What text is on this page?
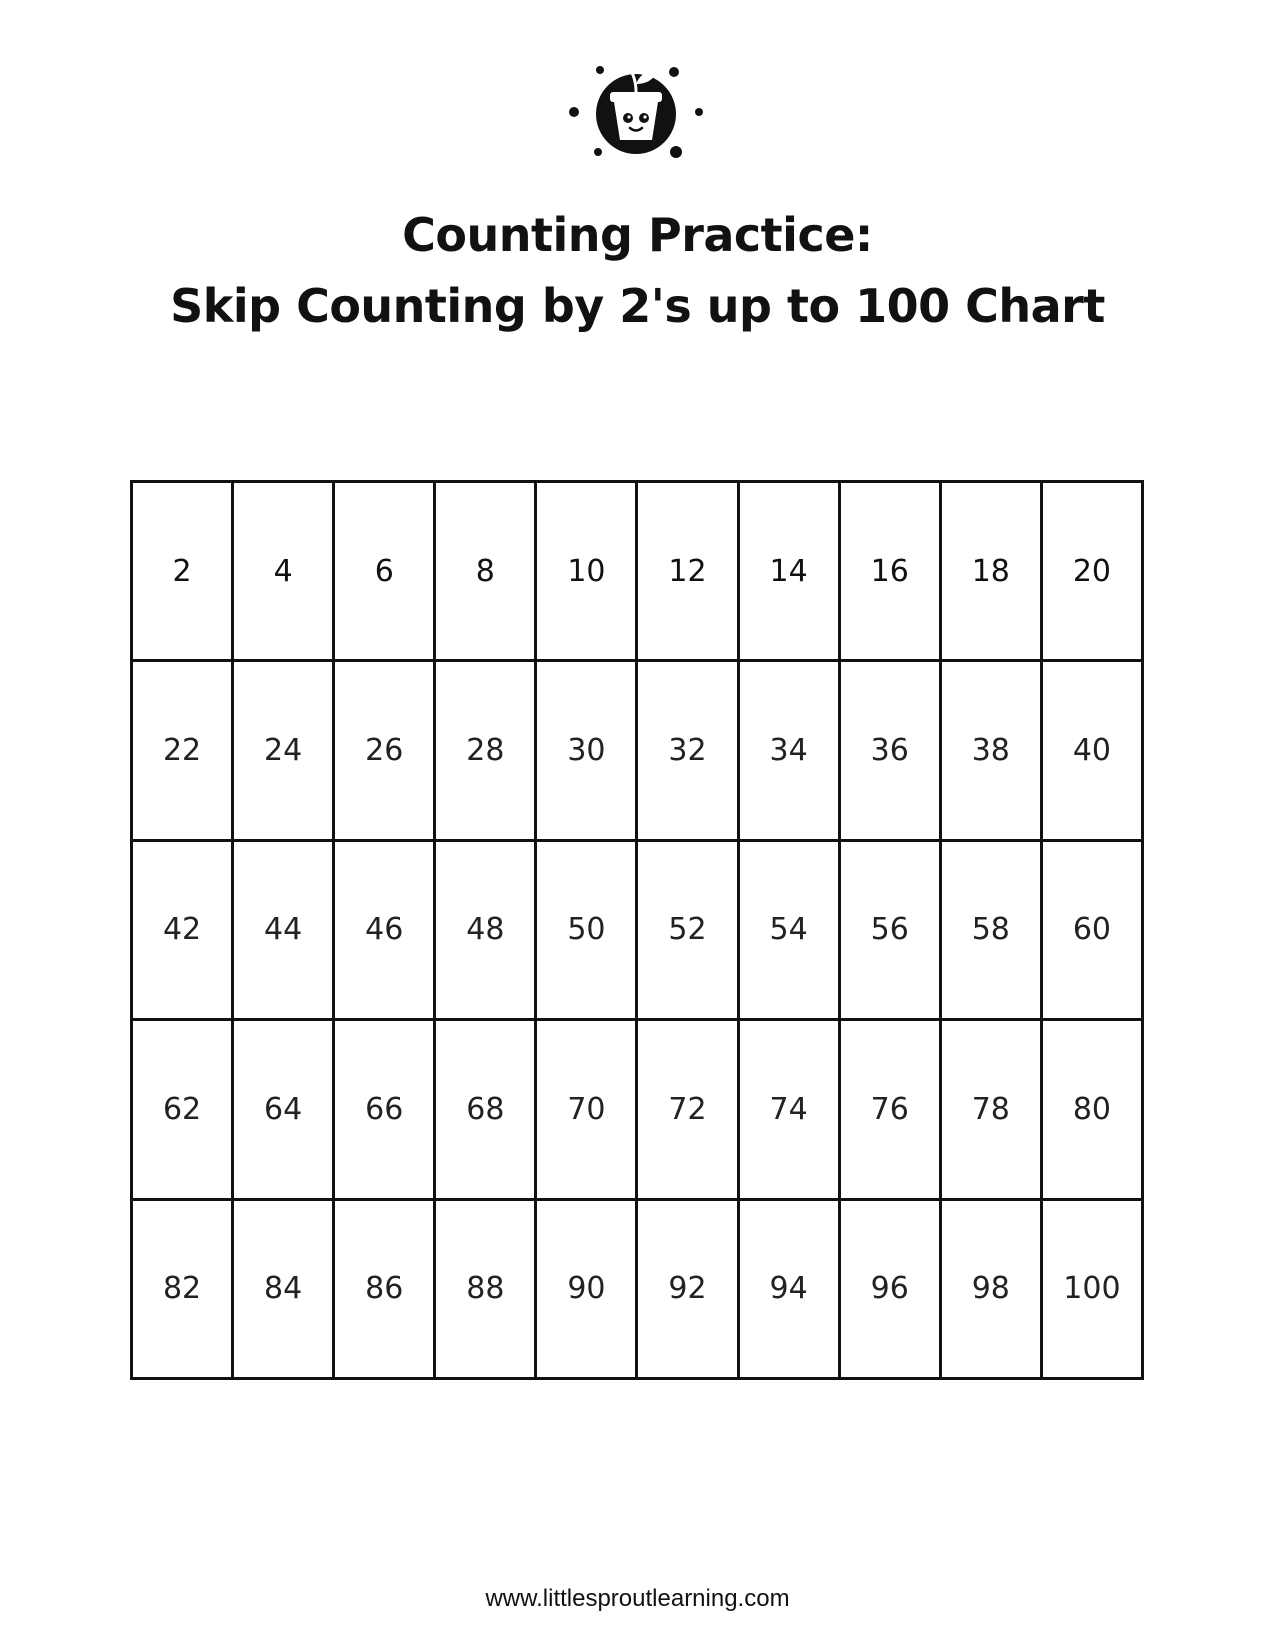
Counting Practice:
Skip Counting by 2's up to 100 Chart
2	4	6	8	10	12	14	16	18	20
22	24	26	28	30	32	34	36	38	40
42	44	46	48	50	52	54	56	58	60
62	64	66	68	70	72	74	76	78	80
82	84	86	88	90	92	94	96	98	100
www.littlesproutlearning.com
